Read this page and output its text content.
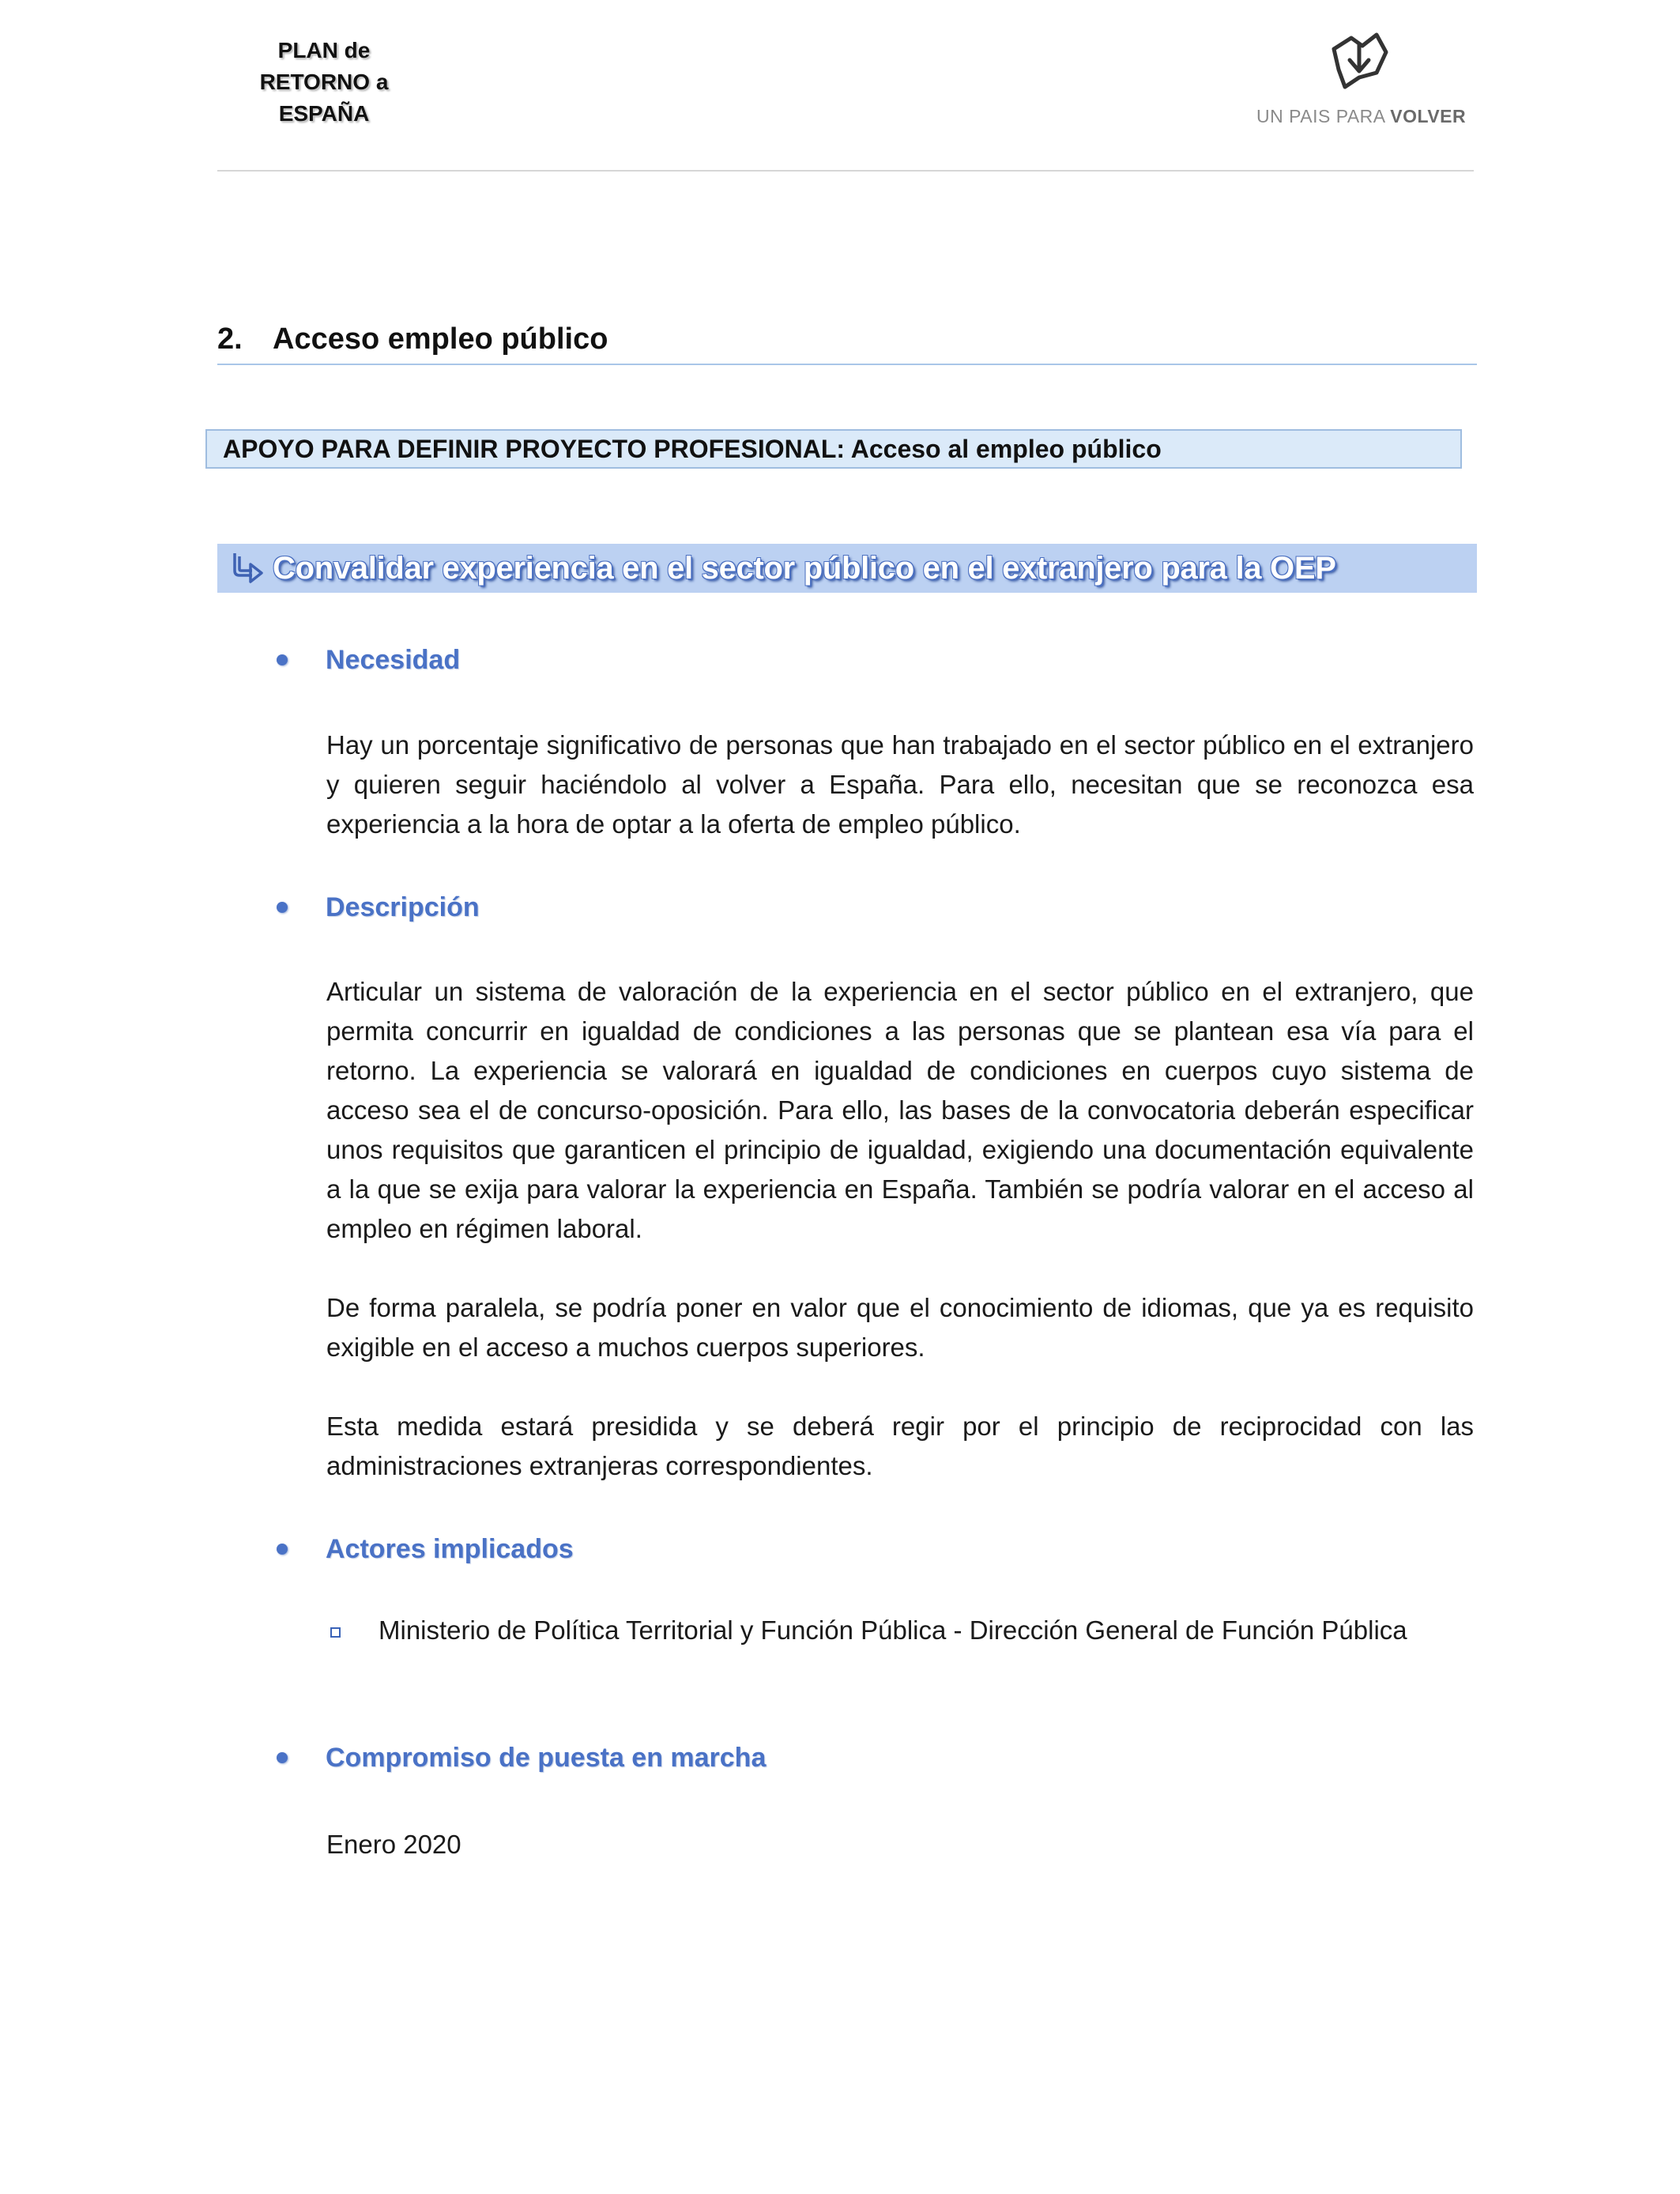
PLAN de
RETORNO a
ESPAÑA	UN PAIS PARA VOLVER
2. Acceso empleo público
APOYO PARA DEFINIR PROYECTO PROFESIONAL: Acceso al empleo público
Convalidar experiencia en el sector público en el extranjero para la OEP
Necesidad
Hay un porcentaje significativo de personas que han trabajado en el sector público en el extranjero y quieren seguir haciéndolo al volver a España. Para ello, necesitan que se reconozca esa experiencia a la hora de optar a la oferta de empleo público.
Descripción
Articular un sistema de valoración de la experiencia en el sector público en el extranjero, que permita concurrir en igualdad de condiciones a las personas que se plantean esa vía para el retorno. La experiencia se valorará en igualdad de condiciones en cuerpos cuyo sistema de acceso sea el de concurso-oposición. Para ello, las bases de la convocatoria deberán especificar unos requisitos que garanticen el principio de igualdad, exigiendo una documentación equivalente a la que se exija para valorar la experiencia en España. También se podría valorar en el acceso al empleo en régimen laboral.
De forma paralela, se podría poner en valor que el conocimiento de idiomas, que ya es requisito exigible en el acceso a muchos cuerpos superiores.
Esta medida estará presidida y se deberá regir por el principio de reciprocidad con las administraciones extranjeras correspondientes.
Actores implicados
Ministerio de Política Territorial y Función Pública - Dirección General de Función Pública
Compromiso de puesta en marcha
Enero 2020
